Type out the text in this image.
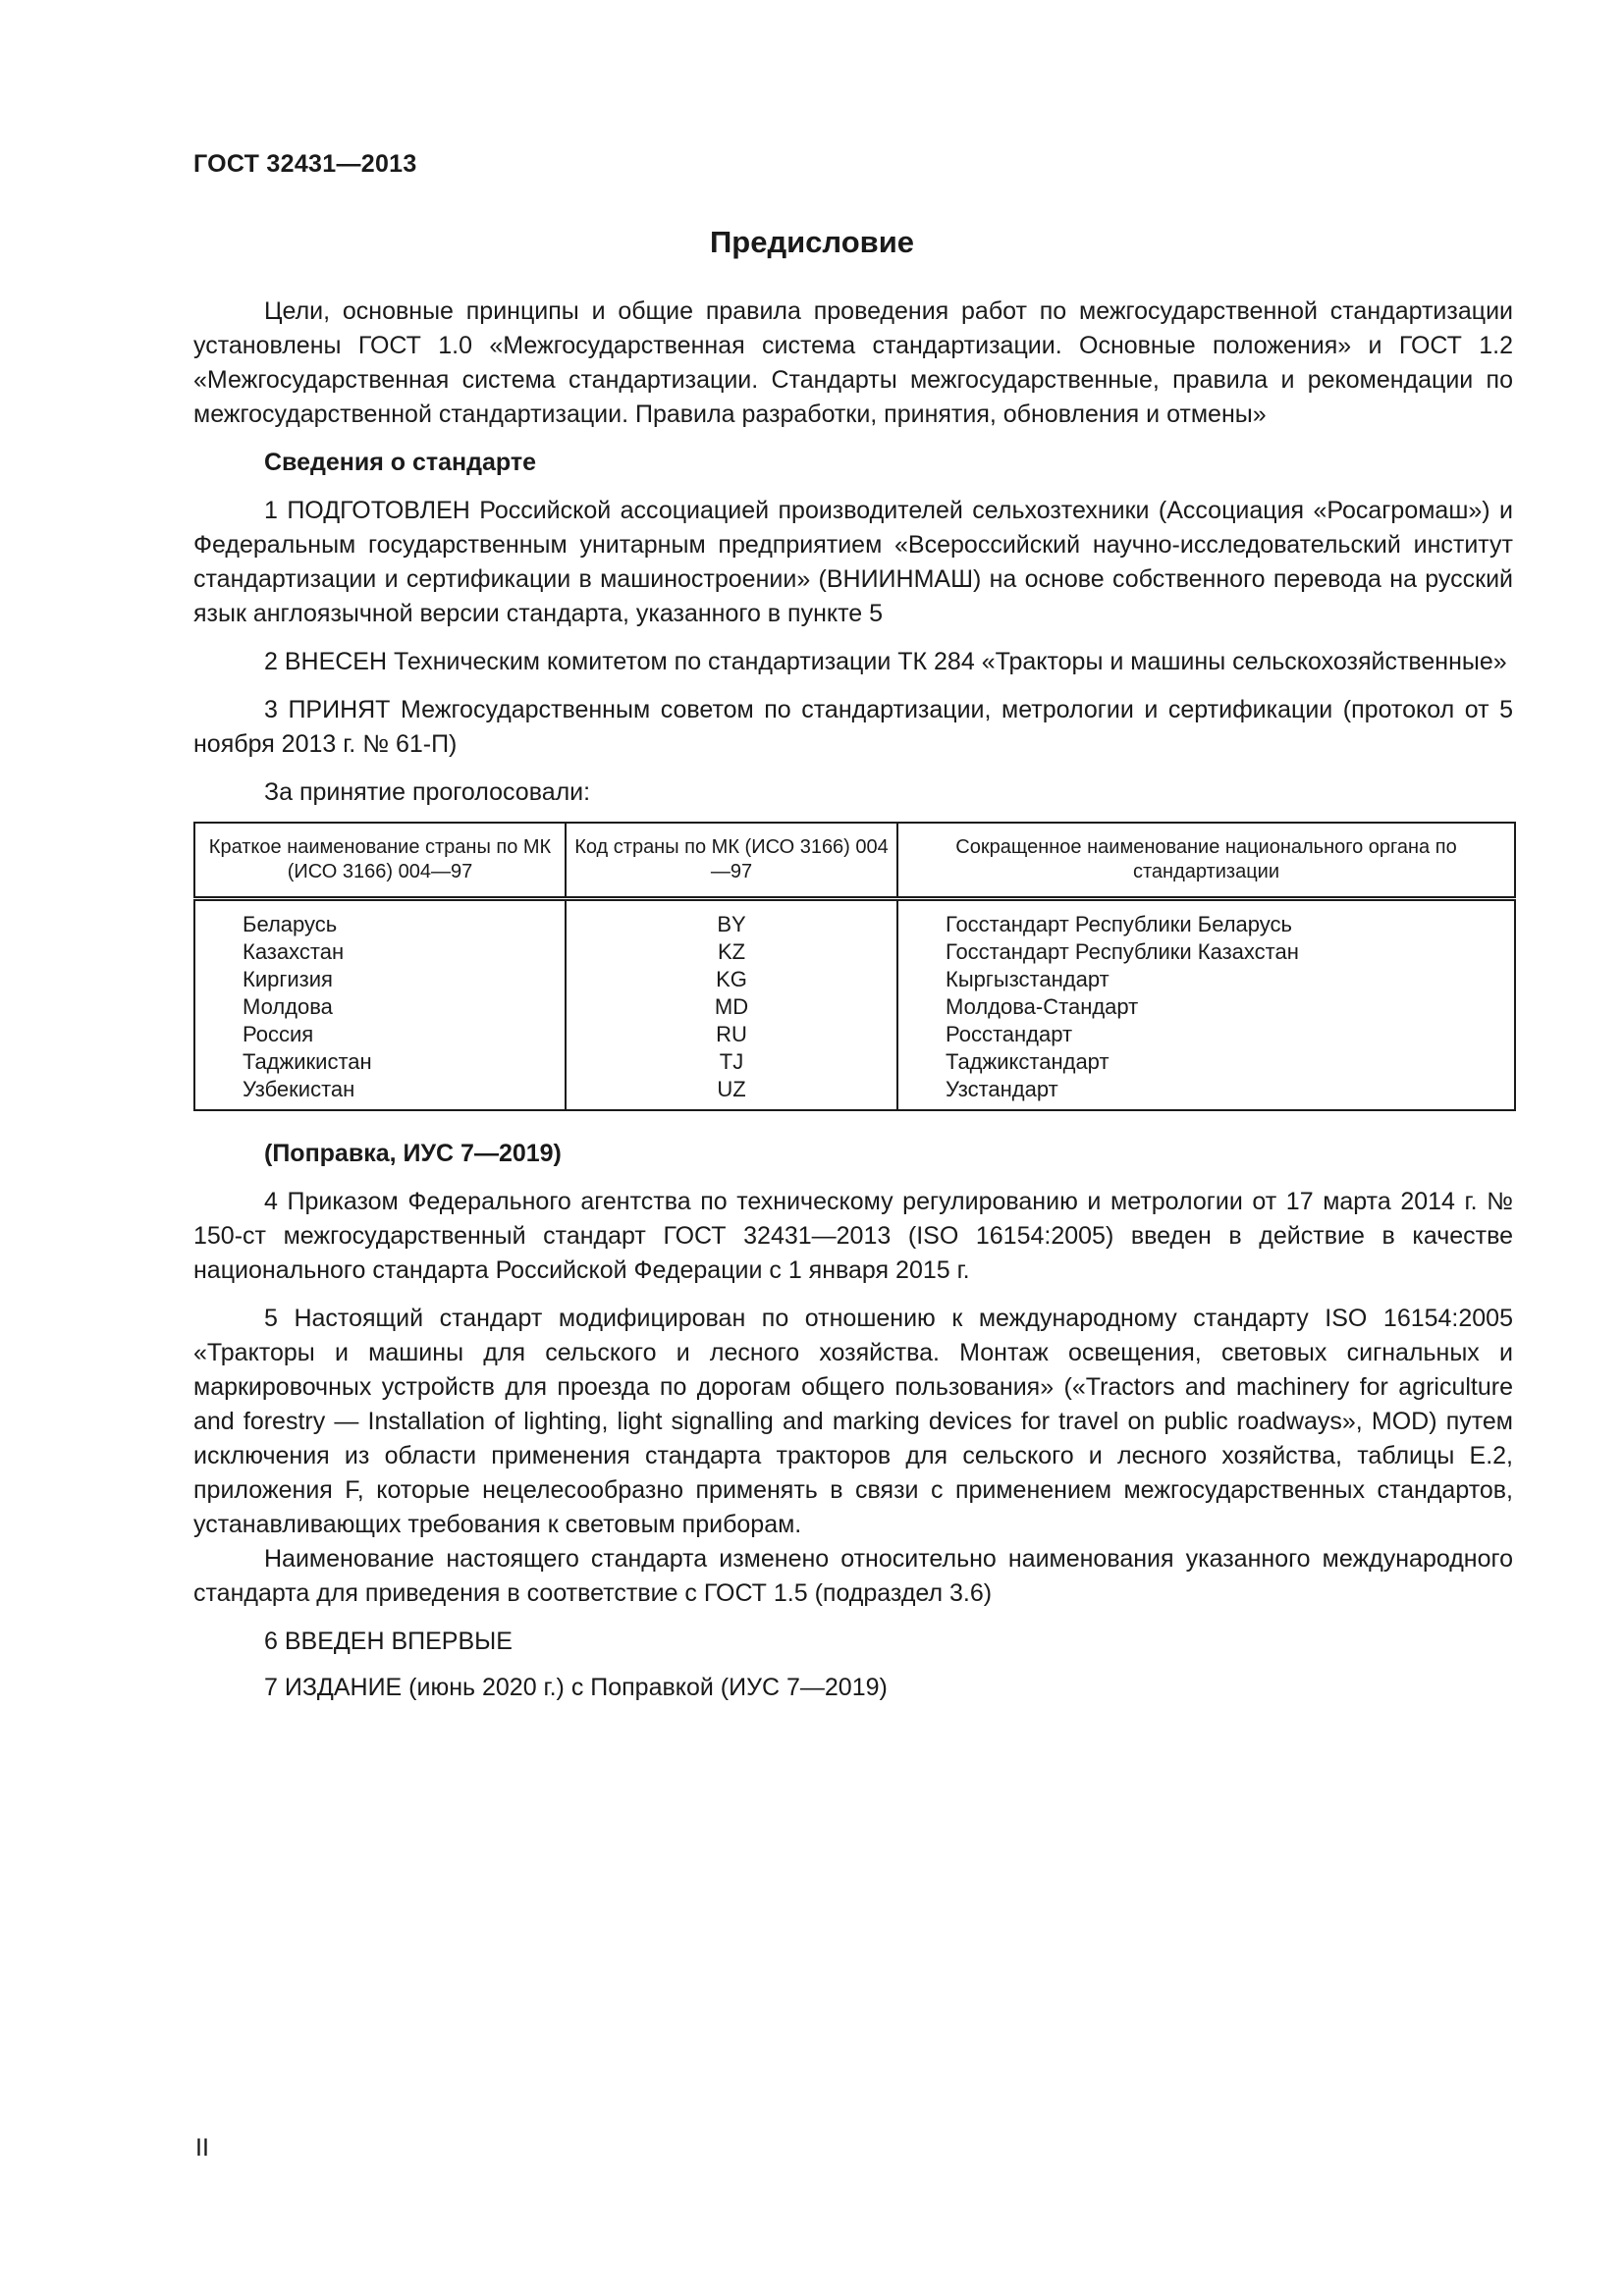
ГОСТ 32431—2013
Предисловие

Цели, основные принципы и общие правила проведения работ по межгосударственной стандартизации установлены ГОСТ 1.0 «Межгосударственная система стандартизации. Основные положения» и ГОСТ 1.2 «Межгосударственная система стандартизации. Стандарты межгосударственные, правила и рекомендации по межгосударственной стандартизации. Правила разработки, принятия, обновления и отмены»

Сведения о стандарте

1 ПОДГОТОВЛЕН Российской ассоциацией производителей сельхозтехники (Ассоциация «Росагромаш») и Федеральным государственным унитарным предприятием «Всероссийский научно-исследовательский институт стандартизации и сертификации в машиностроении» (ВНИИНМАШ) на основе собственного перевода на русский язык англоязычной версии стандарта, указанного в пункте 5

2 ВНЕСЕН Техническим комитетом по стандартизации ТК 284 «Тракторы и машины сельскохозяйственные»

3 ПРИНЯТ Межгосударственным советом по стандартизации, метрологии и сертификации (протокол от 5 ноября 2013 г. № 61-П)

За принятие проголосовали:

Краткое наименование страны по МК (ИСО 3166) 004—97	Код страны по МК (ИСО 3166) 004—97	Сокращенное наименование национального органа по стандартизации
Беларусь	BY	Госстандарт Республики Беларусь
Казахстан	KZ	Госстандарт Республики Казахстан
Киргизия	KG	Кыргызстандарт
Молдова	MD	Молдова-Стандарт
Россия	RU	Росстандарт
Таджикистан	TJ	Таджикстандарт
Узбекистан	UZ	Узстандарт

(Поправка, ИУС 7—2019)

4 Приказом Федерального агентства по техническому регулированию и метрологии от 17 марта 2014 г. № 150-ст межгосударственный стандарт ГОСТ 32431—2013 (ISO 16154:2005) введен в действие в качестве национального стандарта Российской Федерации с 1 января 2015 г.

5 Настоящий стандарт модифицирован по отношению к международному стандарту ISO 16154:2005 «Тракторы и машины для сельского и лесного хозяйства. Монтаж освещения, световых сигнальных и маркировочных устройств для проезда по дорогам общего пользования» («Tractors and machinery for agriculture and forestry — Installation of lighting, light signalling and marking devices for travel on public roadways», MOD) путем исключения из области применения стандарта тракторов для сельского и лесного хозяйства, таблицы Е.2, приложения F, которые нецелесообразно применять в связи с применением межгосударственных стандартов, устанавливающих требования к световым приборам.

Наименование настоящего стандарта изменено относительно наименования указанного международного стандарта для приведения в соответствие с ГОСТ 1.5 (подраздел 3.6)

6 ВВЕДЕН ВПЕРВЫЕ

7 ИЗДАНИЕ (июнь 2020 г.) с Поправкой (ИУС 7—2019)

II
